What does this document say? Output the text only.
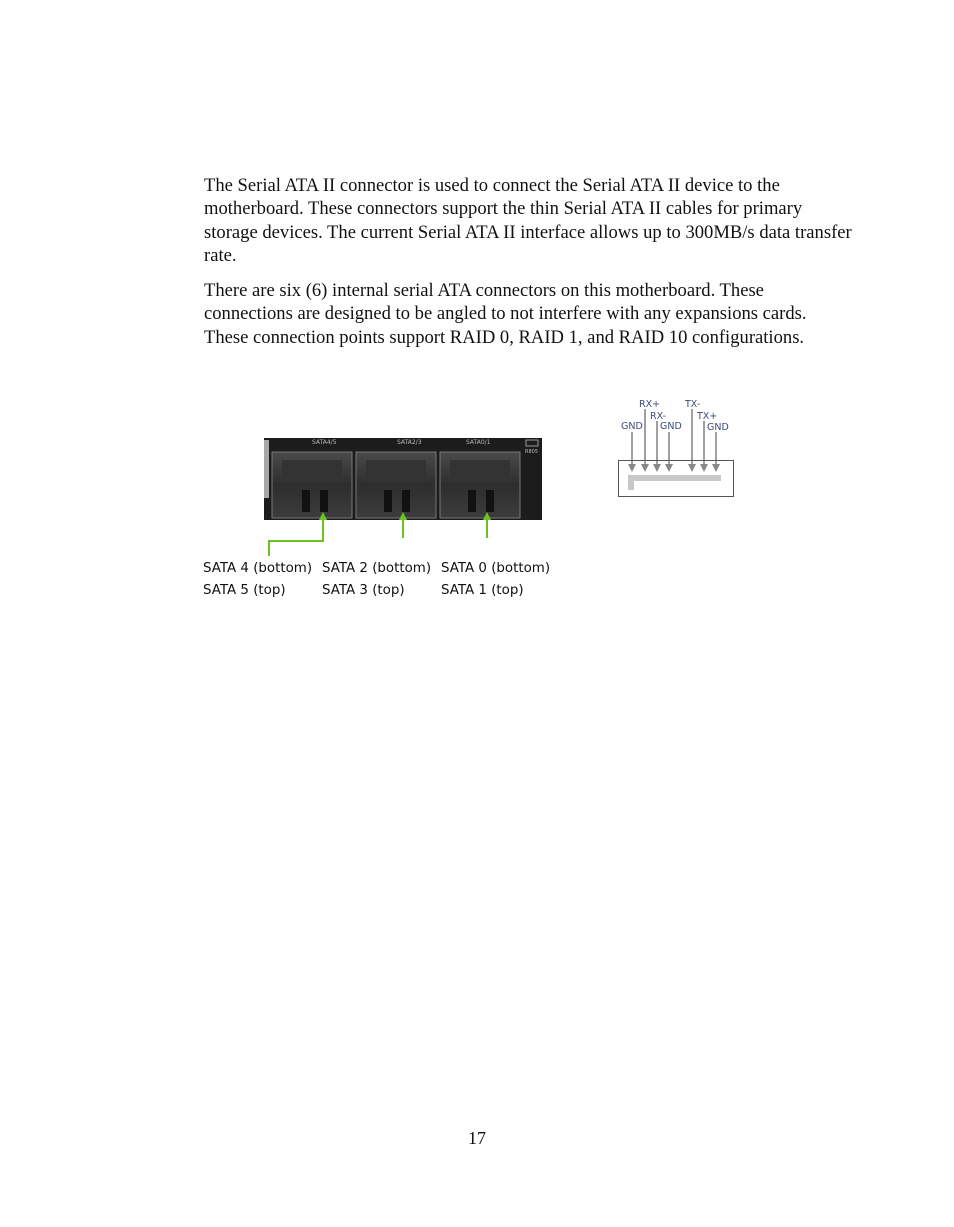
The Serial ATA II connector is used to connect the Serial ATA II device to the motherboard. These connectors support the thin Serial ATA II cables for primary storage devices. The current Serial ATA II interface allows up to 300MB/s data transfer rate.

There are six (6) internal serial ATA connectors on this motherboard. These connections are designed to be angled to not interfere with any expansions cards. These connection points support RAID 0, RAID 1, and RAID 10 configurations.

SATA4/5	SATA2/3	SATA0/1
R805
SATA 4 (bottom)
SATA 5 (top)
SATA 2 (bottom)
SATA 3 (top)
SATA 0 (bottom)
SATA 1 (top)
RX+
RX-
GND GND
TX-
TX+
GND
17
